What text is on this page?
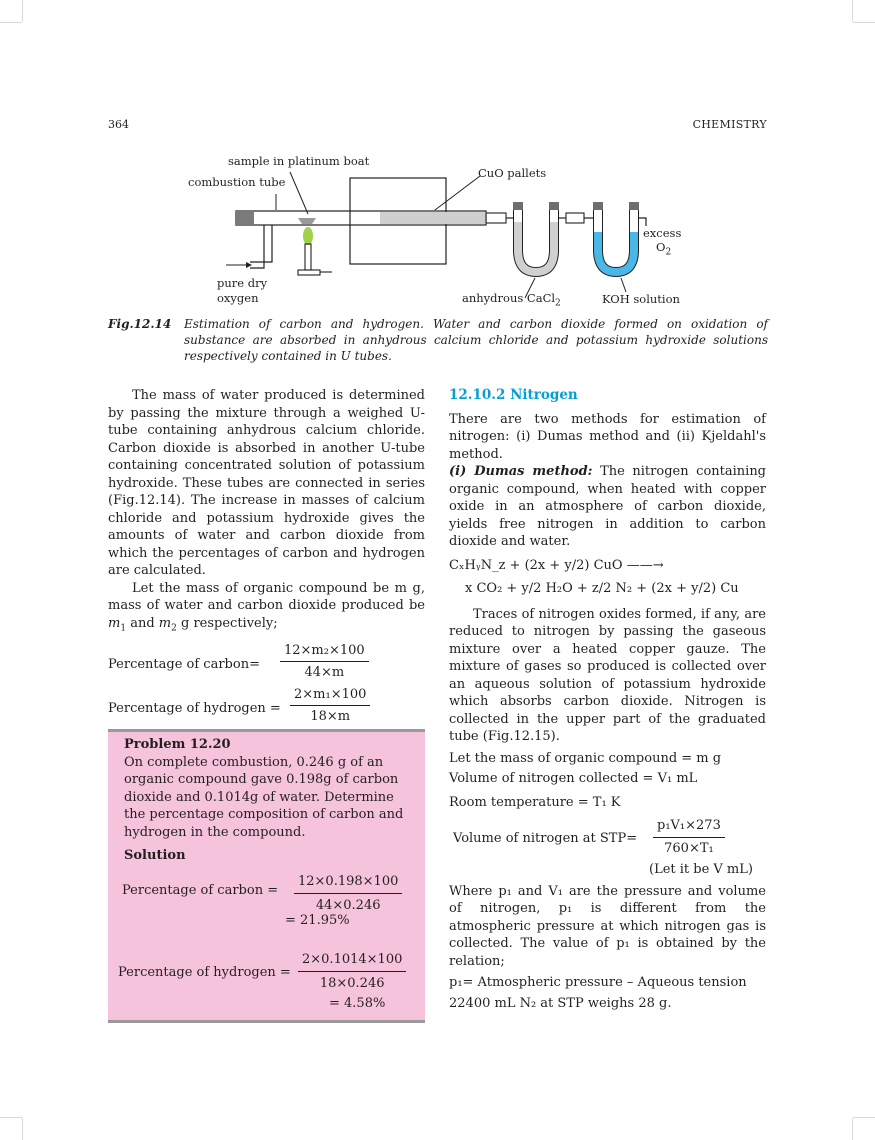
364	CHEMISTRY
sample in platinum boat
combustion tube
CuO pallets
excess
$O_2$
pure dry
oxygen	anhydrous CaCl$_2$	KOH solution
Fig.12.14 Estimation of carbon and hydrogen. Water and carbon dioxide formed on oxidation of substance are absorbed in anhydrous calcium chloride and potassium hydroxide solutions respectively contained in U tubes.

The mass of water produced is determined by passing the mixture through a weighed U-tube containing anhydrous calcium chloride. Carbon dioxide is absorbed in another U-tube containing concentrated solution of potassium hydroxide. These tubes are connected in series (Fig.12.14). The increase in masses of calcium chloride and potassium hydroxide gives the amounts of water and carbon dioxide from which the percentages of carbon and hydrogen are calculated.

Let the mass of organic compound be m g, mass of water and carbon dioxide produced be $m_1$ and $m_2$ g respectively;

Percentage of carbon= $\frac{\text{12×m₂×100}}{44\times m}$
Percentage of hydrogen = $\frac{\text{2×m₁×100}}{18\times m}$
Problem 12.20
On complete combustion, 0.246 g of an organic compound gave 0.198g of carbon dioxide and 0.1014g of water. Determine the percentage composition of carbon and hydrogen in the compound.
Solution
Percentage of carbon = $\frac{12\times 0.198\times 100}{44\times 0.246}$
= 21.95%
Percentage of hydrogen = $\frac{2\times 0.1014\times 100}{18\times 0.246}$
= 4.58%
12.10.2 Nitrogen

There are two methods for estimation of nitrogen: (i) Dumas method and (ii) Kjeldahl's method.

(i) Dumas method: The nitrogen containing organic compound, when heated with copper oxide in an atmosphere of carbon dioxide, yields free nitrogen in addition to carbon dioxide and water.

CₓHᵧN_z + (2x + y/2) CuO ——→
x CO₂ + y/2 H₂O + z/2 N₂ + (2x + y/2) Cu

Traces of nitrogen oxides formed, if any, are reduced to nitrogen by passing the gaseous mixture over a heated copper gauze. The mixture of gases so produced is collected over an aqueous solution of potassium hydroxide which absorbs carbon dioxide. Nitrogen is collected in the upper part of the graduated tube (Fig.12.15).

Let the mass of organic compound = m g
Volume of nitrogen collected = V₁ mL
Room temperature = T₁ K
Volume of nitrogen at $STP= \frac{\text{p₁V₁×273}}{\text{760×T₁}}$
(Let it be V mL)

Where p₁ and V₁ are the pressure and volume of nitrogen, p₁ is different from the atmospheric pressure at which nitrogen gas is collected. The value of p₁ is obtained by the relation;

p₁= Atmospheric pressure – Aqueous tension
22400 mL N₂ at STP weighs 28 g.
